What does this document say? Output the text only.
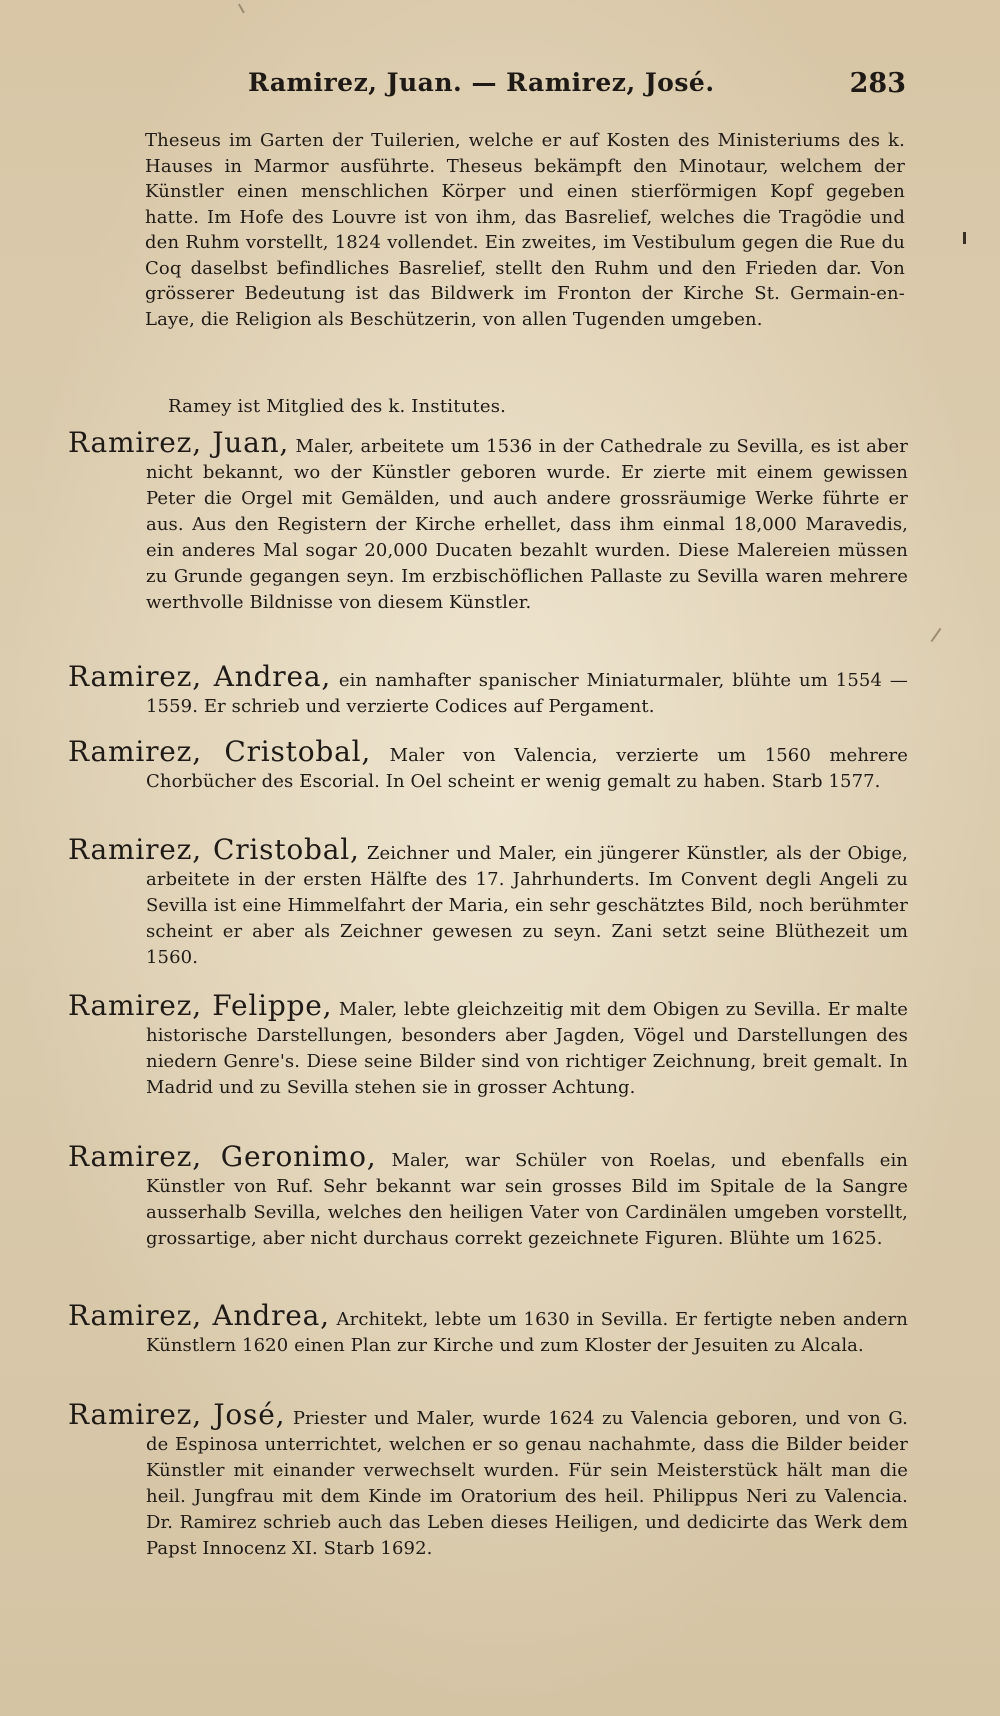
Ramirez, Juan. — Ramirez, José.	283

Theseus im Garten der Tuilerien, welche er auf Kosten des Ministeriums des k. Hauses in Marmor ausführte. Theseus bekämpft den Minotaur, welchem der Künstler einen menschlichen Körper und einen stierförmigen Kopf gegeben hatte. Im Hofe des Louvre ist von ihm, das Basrelief, welches die Tragödie und den Ruhm vorstellt, 1824 vollendet. Ein zweites, im Vestibulum gegen die Rue du Coq daselbst befindliches Basrelief, stellt den Ruhm und den Frieden dar. Von grösserer Bedeutung ist das Bildwerk im Fronton der Kirche St. Germain-en-Laye, die Religion als Beschützerin, von allen Tugenden umgeben.

Ramey ist Mitglied des k. Institutes.

Ramirez, Juan, Maler, arbeitete um 1536 in der Cathedrale zu Sevilla, es ist aber nicht bekannt, wo der Künstler geboren wurde. Er zierte mit einem gewissen Peter die Orgel mit Gemälden, und auch andere grossräumige Werke führte er aus. Aus den Registern der Kirche erhellet, dass ihm einmal 18,000 Maravedis, ein anderes Mal sogar 20,000 Ducaten bezahlt wurden. Diese Malereien müssen zu Grunde gegangen seyn. Im erzbischöflichen Pallaste zu Sevilla waren mehrere werthvolle Bildnisse von diesem Künstler.

Ramirez, Andrea, ein namhafter spanischer Miniaturmaler, blühte um 1554 — 1559. Er schrieb und verzierte Codices auf Pergament.

Ramirez, Cristobal, Maler von Valencia, verzierte um 1560 mehrere Chorbücher des Escorial. In Oel scheint er wenig gemalt zu haben. Starb 1577.

Ramirez, Cristobal, Zeichner und Maler, ein jüngerer Künstler, als der Obige, arbeitete in der ersten Hälfte des 17. Jahrhunderts. Im Convent degli Angeli zu Sevilla ist eine Himmelfahrt der Maria, ein sehr geschätztes Bild, noch berühmter scheint er aber als Zeichner gewesen zu seyn. Zani setzt seine Blüthezeit um 1560.

Ramirez, Felippe, Maler, lebte gleichzeitig mit dem Obigen zu Sevilla. Er malte historische Darstellungen, besonders aber Jagden, Vögel und Darstellungen des niedern Genre's. Diese seine Bilder sind von richtiger Zeichnung, breit gemalt. In Madrid und zu Sevilla stehen sie in grosser Achtung.

Ramirez, Geronimo, Maler, war Schüler von Roelas, und ebenfalls ein Künstler von Ruf. Sehr bekannt war sein grosses Bild im Spitale de la Sangre ausserhalb Sevilla, welches den heiligen Vater von Cardinälen umgeben vorstellt, grossartige, aber nicht durchaus correkt gezeichnete Figuren. Blühte um 1625.

Ramirez, Andrea, Architekt, lebte um 1630 in Sevilla. Er fertigte neben andern Künstlern 1620 einen Plan zur Kirche und zum Kloster der Jesuiten zu Alcala.

Ramirez, José, Priester und Maler, wurde 1624 zu Valencia geboren, und von G. de Espinosa unterrichtet, welchen er so genau nachahmte, dass die Bilder beider Künstler mit einander verwechselt wurden. Für sein Meisterstück hält man die heil. Jungfrau mit dem Kinde im Oratorium des heil. Philippus Neri zu Valencia. Dr. Ramirez schrieb auch das Leben dieses Heiligen, und dedicirte das Werk dem Papst Innocenz XI. Starb 1692.
